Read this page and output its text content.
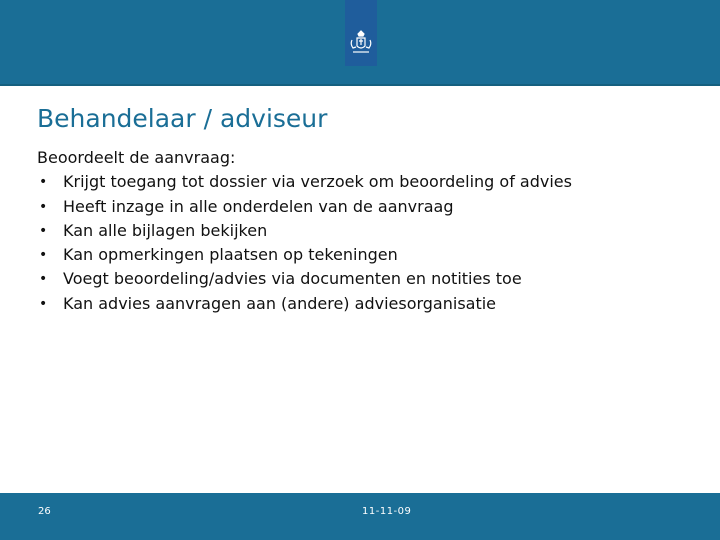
Behandelaar / adviseur
Beoordeelt de aanvraag:
• Krijgt toegang tot dossier via verzoek om beoordeling of advies
• Heeft inzage in alle onderdelen van de aanvraag
• Kan alle bijlagen bekijken
• Kan opmerkingen plaatsen op tekeningen
• Voegt beoordeling/advies via documenten en notities toe
• Kan advies aanvragen aan (andere) adviesorganisatie
26	11-11-09
